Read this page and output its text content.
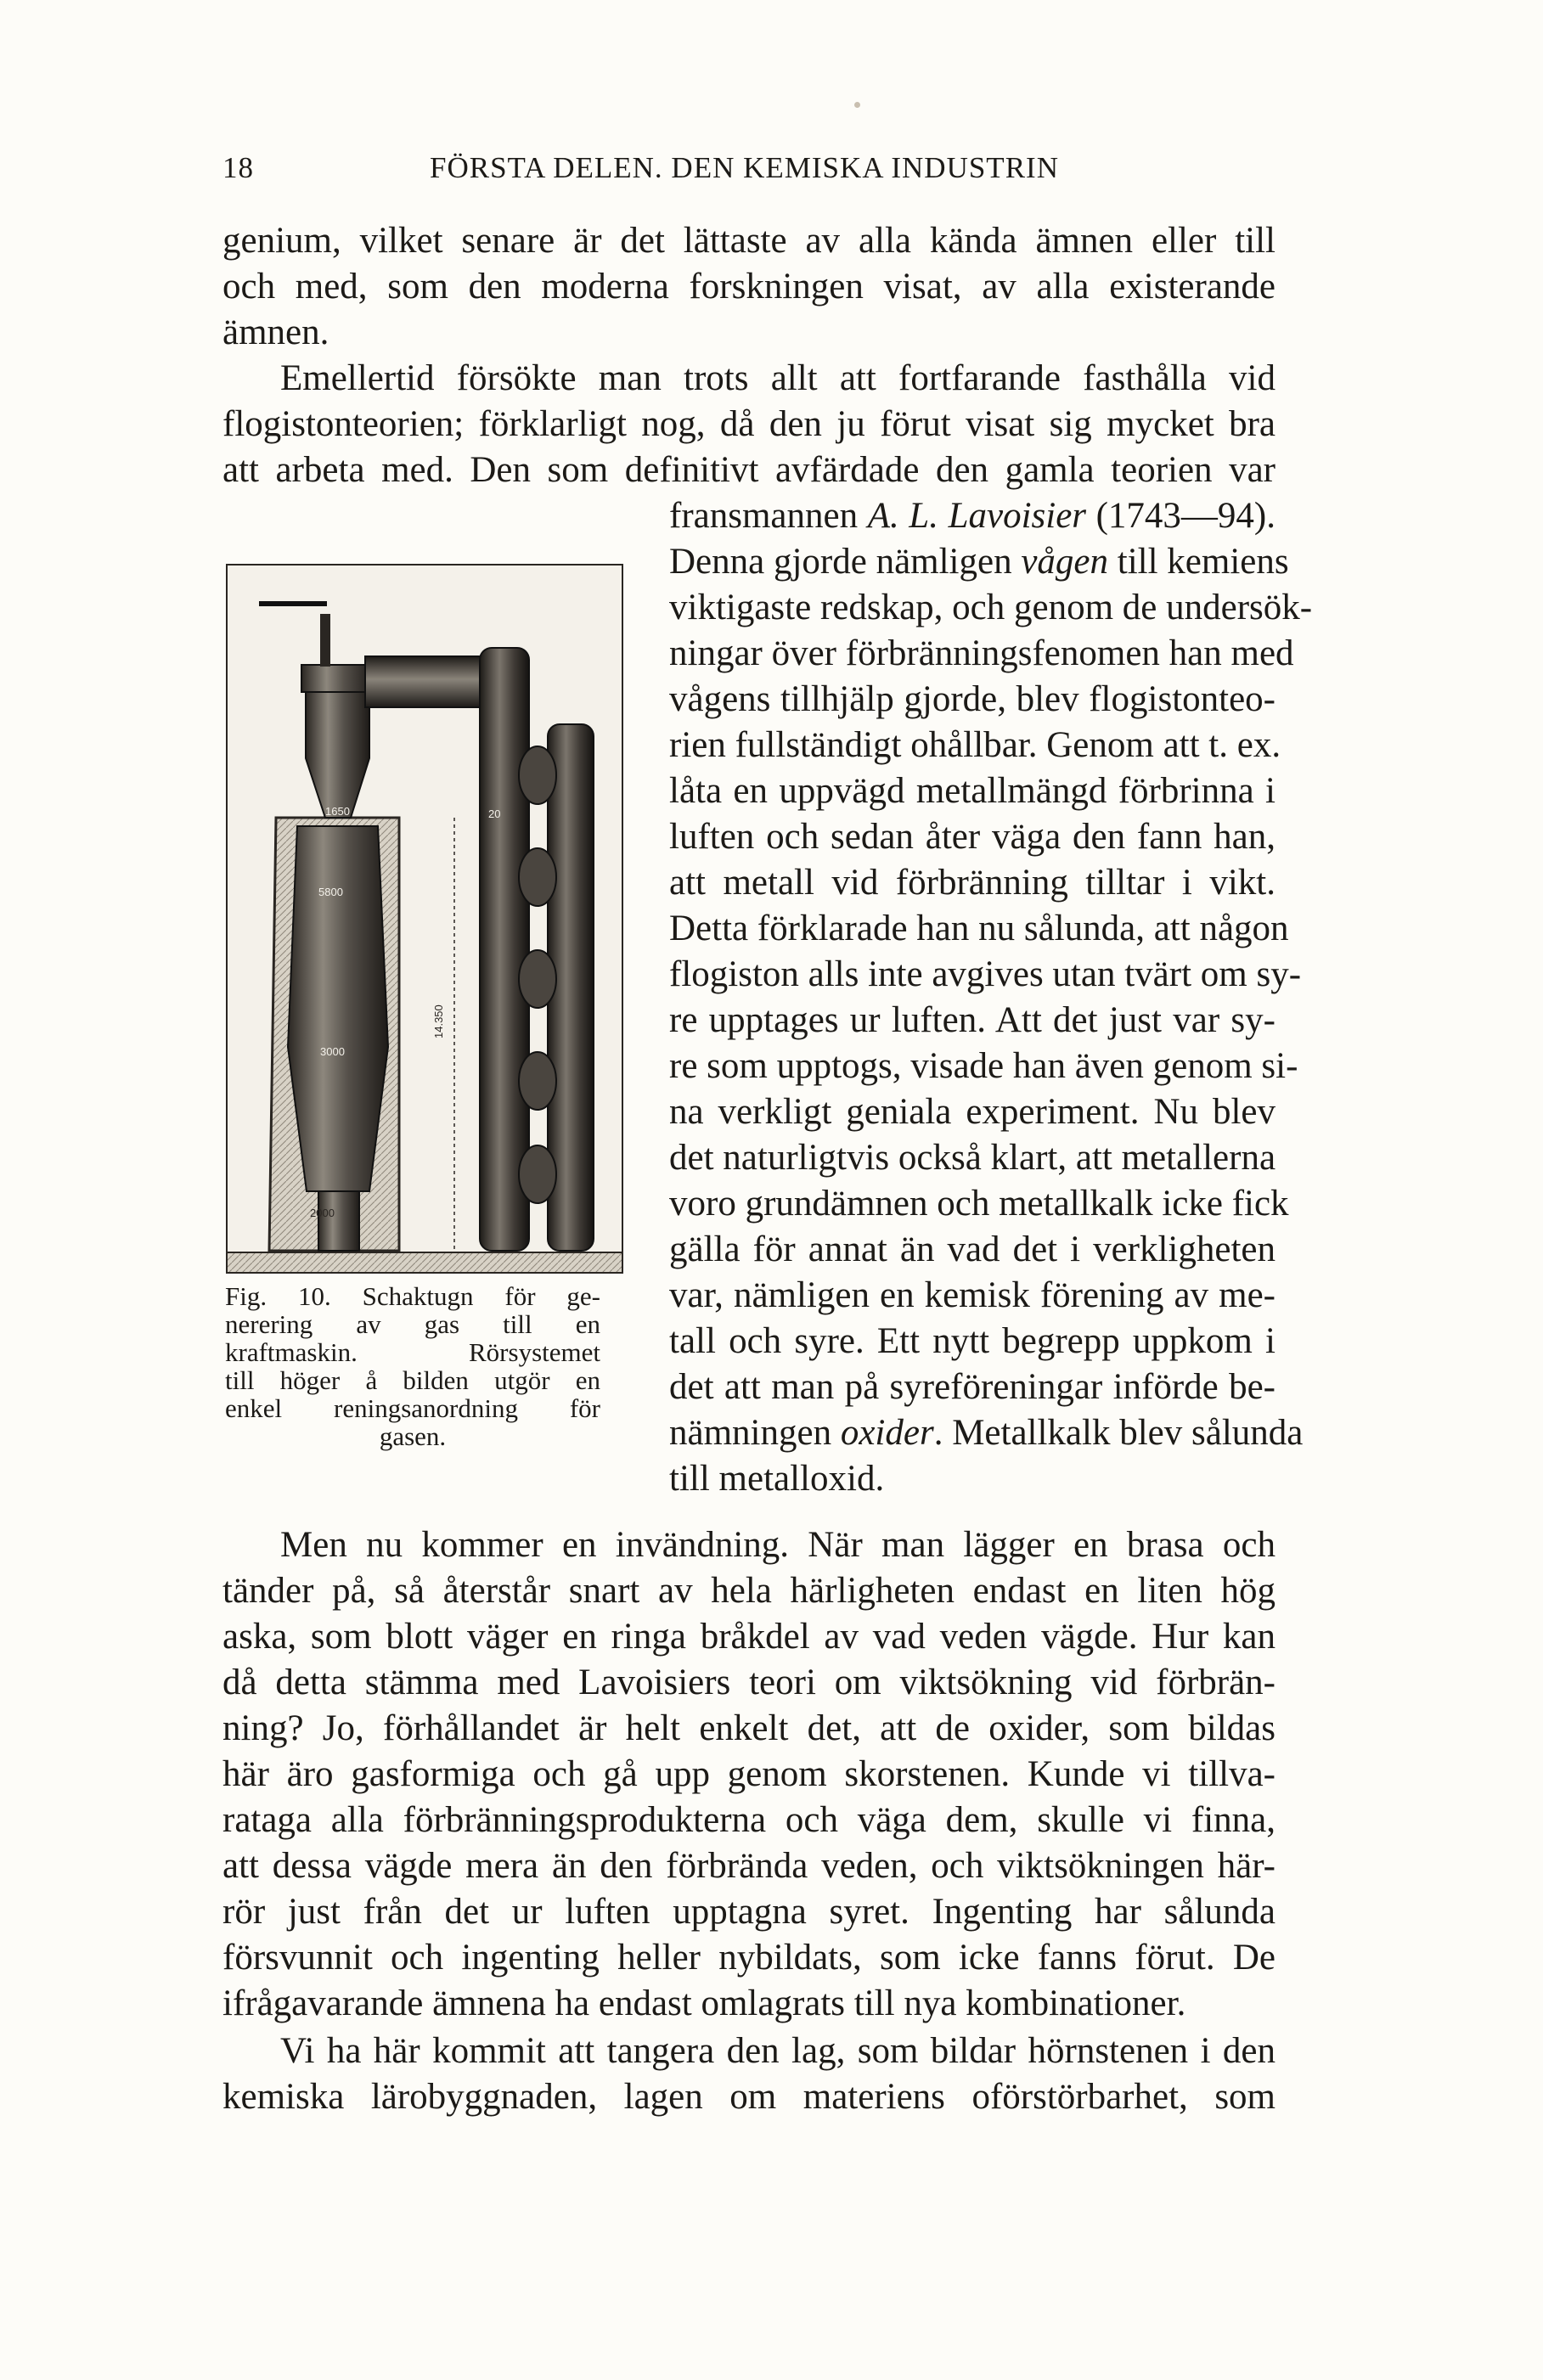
18	FÖRSTA DELEN. DEN KEMISKA INDUSTRIN
genium, vilket senare är det lättaste av alla kända ämnen eller till
och med, som den moderna forskningen visat, av alla existerande
ämnen.
Emellertid försökte man trots allt att fortfarande fasthålla vid
flogistonteorien; förklarligt nog, då den ju förut visat sig mycket bra
att arbeta med. Den som definitivt avfärdade den gamla teorien var
fransmannen A. L. Lavoisier (1743—94).
Denna gjorde nämligen vågen till kemiens
viktigaste redskap, och genom de undersök-
ningar över förbränningsfenomen han med
vågens tillhjälp gjorde, blev flogistonteo-
rien fullständigt ohållbar. Genom att t. ex.
låta en uppvägd metallmängd förbrinna i
luften och sedan åter väga den fann han,
att metall vid förbränning tilltar i vikt.
Detta förklarade han nu sålunda, att någon
flogiston alls inte avgives utan tvärt om sy-
re upptages ur luften. Att det just var sy-
re som upptogs, visade han även genom si-
na verkligt geniala experiment. Nu blev
det naturligtvis också klart, att metallerna
voro grundämnen och metallkalk icke fick
gälla för annat än vad det i verkligheten
var, nämligen en kemisk förening av me-
tall och syre. Ett nytt begrepp uppkom i
det att man på syreföreningar införde be-
nämningen oxider. Metallkalk blev sålunda
till metalloxid.
Men nu kommer en invändning. När man lägger en brasa och
tänder på, så återstår snart av hela härligheten endast en liten hög
aska, som blott väger en ringa bråkdel av vad veden vägde. Hur kan
då detta stämma med Lavoisiers teori om viktsökning vid förbrän-
ning? Jo, förhållandet är helt enkelt det, att de oxider, som bildas
här äro gasformiga och gå upp genom skorstenen. Kunde vi tillva-
rataga alla förbränningsprodukterna och väga dem, skulle vi finna,
att dessa vägde mera än den förbrända veden, och viktsökningen här-
rör just från det ur luften upptagna syret. Ingenting har sålunda
försvunnit och ingenting heller nybildats, som icke fanns förut. De
ifrågavarande ämnena ha endast omlagrats till nya kombinationer.
Vi ha här kommit att tangera den lag, som bildar hörnstenen i den
kemiska lärobyggnaden, lagen om materiens oförstörbarhet, som
1650
5800
3000
20
14.350
2000
Fig. 10. Schaktugn för ge-
nerering av gas till en
kraftmaskin. Rörsystemet
till höger å bilden utgör en
enkel reningsanordning för
gasen.
